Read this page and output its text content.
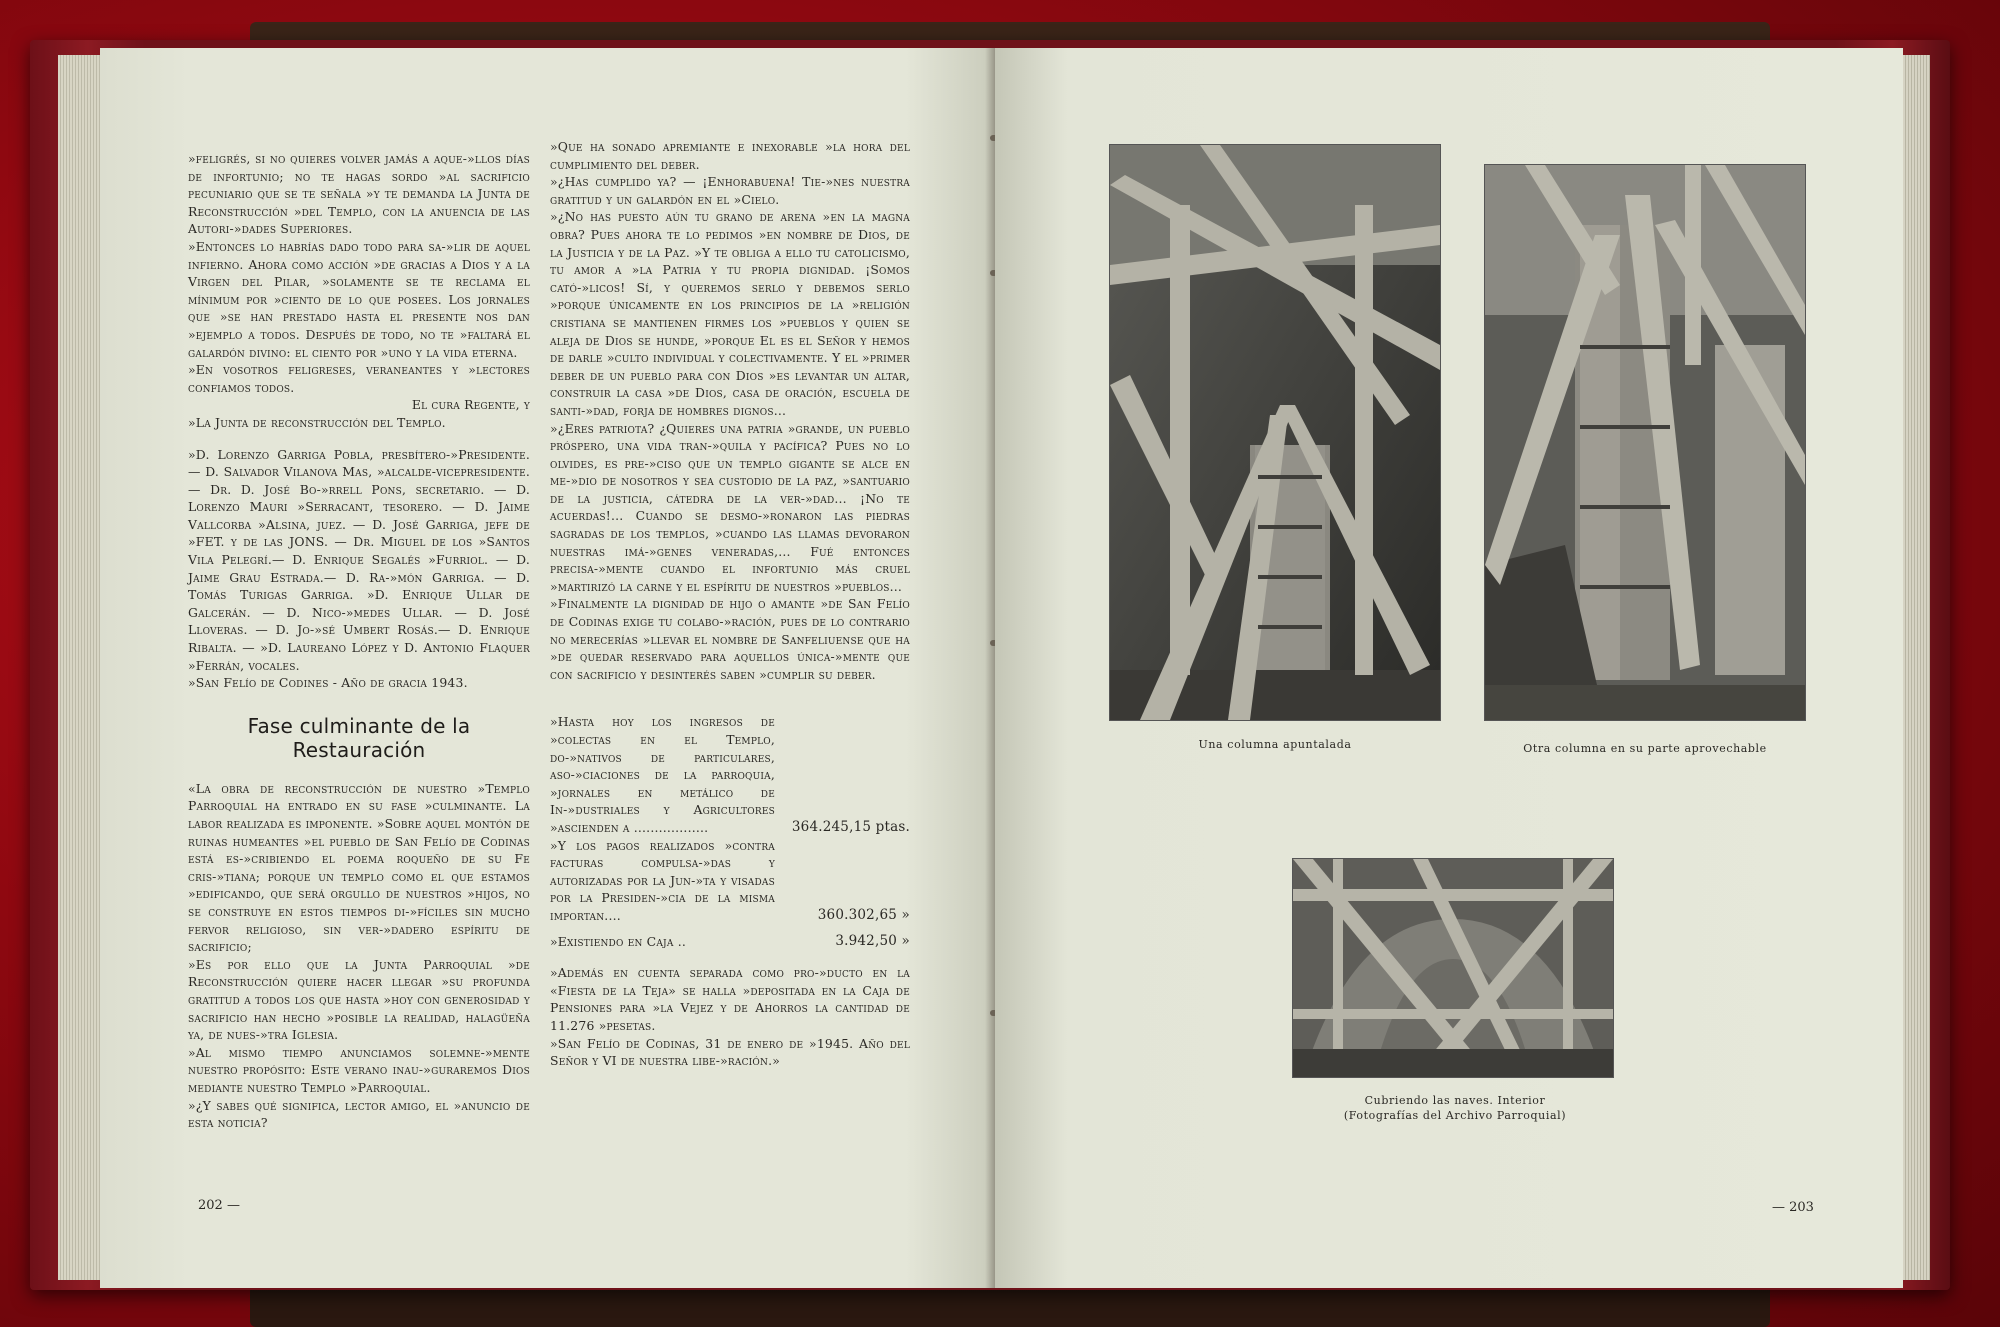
»feligrés, si no quieres volver jamás a aque-»llos días de infortunio; no te hagas sordo »al sacrificio pecuniario que se te señala »y te demanda la Junta de Reconstrucción »del Templo, con la anuencia de las Autori-»dades Superiores.

»Entonces lo habrías dado todo para sa-»lir de aquel infierno. Ahora como acción »de gracias a Dios y a la Virgen del Pilar, »solamente se te reclama el mínimum por »ciento de lo que posees. Los jornales que »se han prestado hasta el presente nos dan »ejemplo a todos. Después de todo, no te »faltará el galardón divino: el ciento por »uno y la vida eterna.

»En vosotros feligreses, veraneantes y »lectores confiamos todos.

El cura Regente, y

»La Junta de reconstrucción del Templo.

»D. Lorenzo Garriga Pobla, presbítero-»Presidente. — D. Salvador Vilanova Mas, »alcalde-vicepresidente. — Dr. D. José Bo-»rrell Pons, secretario. — D. Lorenzo Mauri »Serracant, tesorero. — D. Jaime Vallcorba »Alsina, juez. — D. José Garriga, jefe de »FET. y de las JONS. — Dr. Miguel de los »Santos Vila Pelegrí.— D. Enrique Segalés »Furriol. — D. Jaime Grau Estrada.— D. Ra-»món Garriga. — D. Tomás Turigas Garriga. »D. Enrique Ullar de Galcerán. — D. Nico-»medes Ullar. — D. José Lloveras. — D. Jo-»sé Umbert Rosás.— D. Enrique Ribalta. — »D. Laureano López y D. Antonio Flaquer »Ferrán, vocales.

»San Felío de Codines - Año de gracia 1943.

Fase culminante de la Restauración

«La obra de reconstrucción de nuestro »Templo Parroquial ha entrado en su fase »culminante. La labor realizada es imponente. »Sobre aquel montón de ruinas humeantes »el pueblo de San Felío de Codinas está es-»cribiendo el poema roqueño de su Fe cris-»tiana; porque un templo como el que estamos »edificando, que será orgullo de nuestros »hijos, no se construye en estos tiempos di-»fíciles sin mucho fervor religioso, sin ver-»dadero espíritu de sacrificio;

»Es por ello que la Junta Parroquial »de Reconstrucción quiere hacer llegar »su profunda gratitud a todos los que hasta »hoy con generosidad y sacrificio han hecho »posible la realidad, halagüeña ya, de nues-»tra Iglesia.

»Al mismo tiempo anunciamos solemne-»mente nuestro propósito: Este verano inau-»guraremos Dios mediante nuestro Templo »Parroquial.

»¿Y sabes qué significa, lector amigo, el »anuncio de esta noticia?

»Que ha sonado apremiante e inexorable »la hora del cumplimiento del deber.

»¿Has cumplido ya? — ¡Enhorabuena! Tie-»nes nuestra gratitud y un galardón en el »Cielo.

»¿No has puesto aún tu grano de arena »en la magna obra? Pues ahora te lo pedimos »en nombre de Dios, de la Justicia y de la Paz. »Y te obliga a ello tu catolicismo, tu amor a »la Patria y tu propia dignidad. ¡Somos cató-»licos! Sí, y queremos serlo y debemos serlo »porque únicamente en los principios de la »religión cristiana se mantienen firmes los »pueblos y quien se aleja de Dios se hunde, »porque El es el Señor y hemos de darle »culto individual y colectivamente. Y el »primer deber de un pueblo para con Dios »es levantar un altar, construir la casa »de Dios, casa de oración, escuela de santi-»dad, forja de hombres dignos...

»¿Eres patriota? ¿Quieres una patria »grande, un pueblo próspero, una vida tran-»quila y pacífica? Pues no lo olvides, es pre-»ciso que un templo gigante se alce en me-»dio de nosotros y sea custodio de la paz, »santuario de la justicia, cátedra de la ver-»dad... ¡No te acuerdas!... Cuando se desmo-»ronaron las piedras sagradas de los templos, »cuando las llamas devoraron nuestras imá-»genes veneradas,... Fué entonces precisa-»mente cuando el infortunio más cruel »martirizó la carne y el espíritu de nuestros »pueblos...

»Finalmente la dignidad de hijo o amante »de San Felío de Codinas exige tu colabo-»ración, pues de lo contrario no merecerías »llevar el nombre de Sanfeliuense que ha »de quedar reservado para aquellos única-»mente que con sacrificio y desinterés saben »cumplir su deber.

»Hasta hoy los ingresos de »colectas en el Templo, do-»nativos de particulares, aso-»ciaciones de la parroquia, »jornales en metálico de In-»dustriales y Agricultores »ascienden a ..................	364.245,15 ptas.

»Y los pagos realizados »contra facturas compulsa-»das y autorizadas por la Jun-»ta y visadas por la Presiden-»cia de la misma importan....	360.302,65 »

»Existiendo en Caja ..	3.942,50 »

»Además en cuenta separada como pro-»ducto en la «Fiesta de la Teja» se halla »depositada en la Caja de Pensiones para »la Vejez y de Ahorros la cantidad de 11.276 »pesetas.

»San Felío de Codinas, 31 de enero de »1945. Año del Señor y VI de nuestra libe-»ración.»

202 —
Una columna apuntalada	Otra columna en su parte aprovechable
Cubriendo las naves. Interior
(Fotografías del Archivo Parroquial)
— 203
